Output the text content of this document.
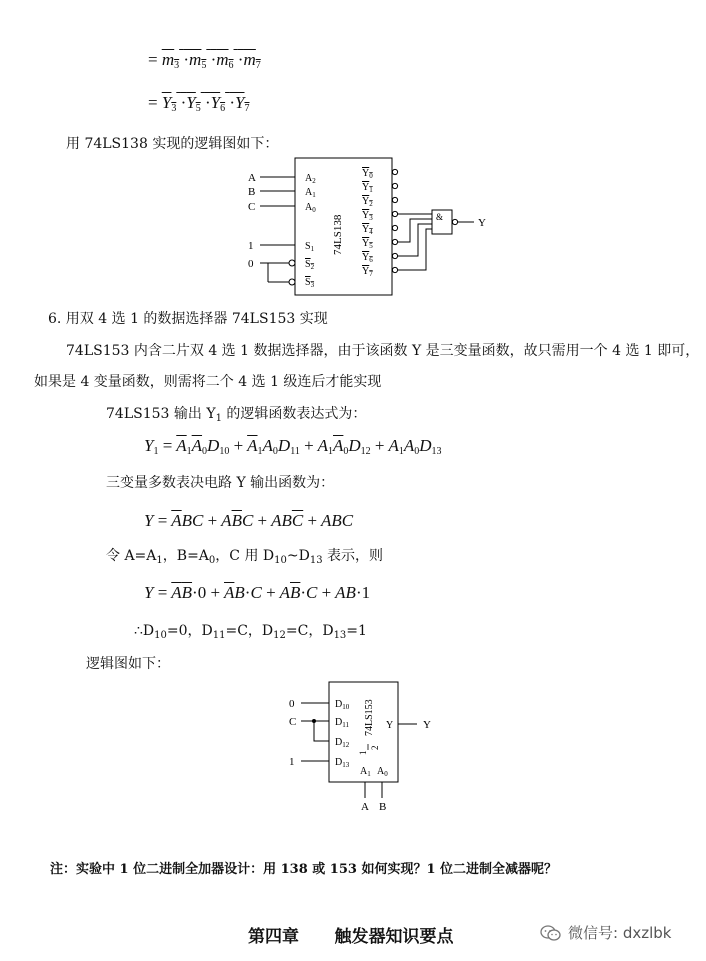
= $m_3 \cdot m_5 \cdot m_6 \cdot m_7$
= $Y_3 \cdot Y_5 \cdot Y_6 \cdot Y_7$
用 74LS138 实现的逻辑图如下：
A
B
C
$A_2$
$A_1$
$A_0$
1
0
$S_1$
$S_2$
$S_3$
74LS138
$Y_0$
$Y_1$
$Y_2$
$Y_3$
$Y_4$
$Y_5$
$Y_6$
$Y_7$
&	Y
6. 用双 4 选 1 的数据选择器 74LS153 实现
74LS153 内含二片双 4 选 1 数据选择器，由于该函数 Y 是三变量函数，故只需用一个 4 选 1 即可，
如果是 4 变量函数，则需将二个 4 选 1 级连后才能实现
74LS153 输出 $Y_1$ 的逻辑函数表达式为：
$Y_1 = \overline{A}_1\overline{A}_0D_{10} + \overline{A}_1A_0D_{11} + A_1\overline{A}_0D_{12} + A_1A_0D_{13}$
三变量多数表决电路 Y 输出函数为：
$Y = \overline{A}BC + A\overline{B}C + AB\overline{C}$ + ABC
令 $A=A_1$，$B=A_0$，C 用 $D_{10}\sim D_{13}$ 表示，则
$Y = \overline{A}\overline{B}\cdot 0 + \overline{A}B\cdot C + A\overline{B}\cdot C + AB\cdot 1$
$\therefore D_{10}=0$，$D_{11}=C$，$D_{12}=C$，$D_{13}=1$
逻辑图如下：
0
C
1
$D_{10}$
$D_{11}$
$D_{12}$
$D_{13}$
74LS153
1
2
Y	Y
$A_1$ $A_0$
A B
注：实验中 1 位二进制全加器设计：用 138 或 153 如何实现？1 位二进制全减器呢？
第四章      触发器知识要点	微信号: dxzlbk
